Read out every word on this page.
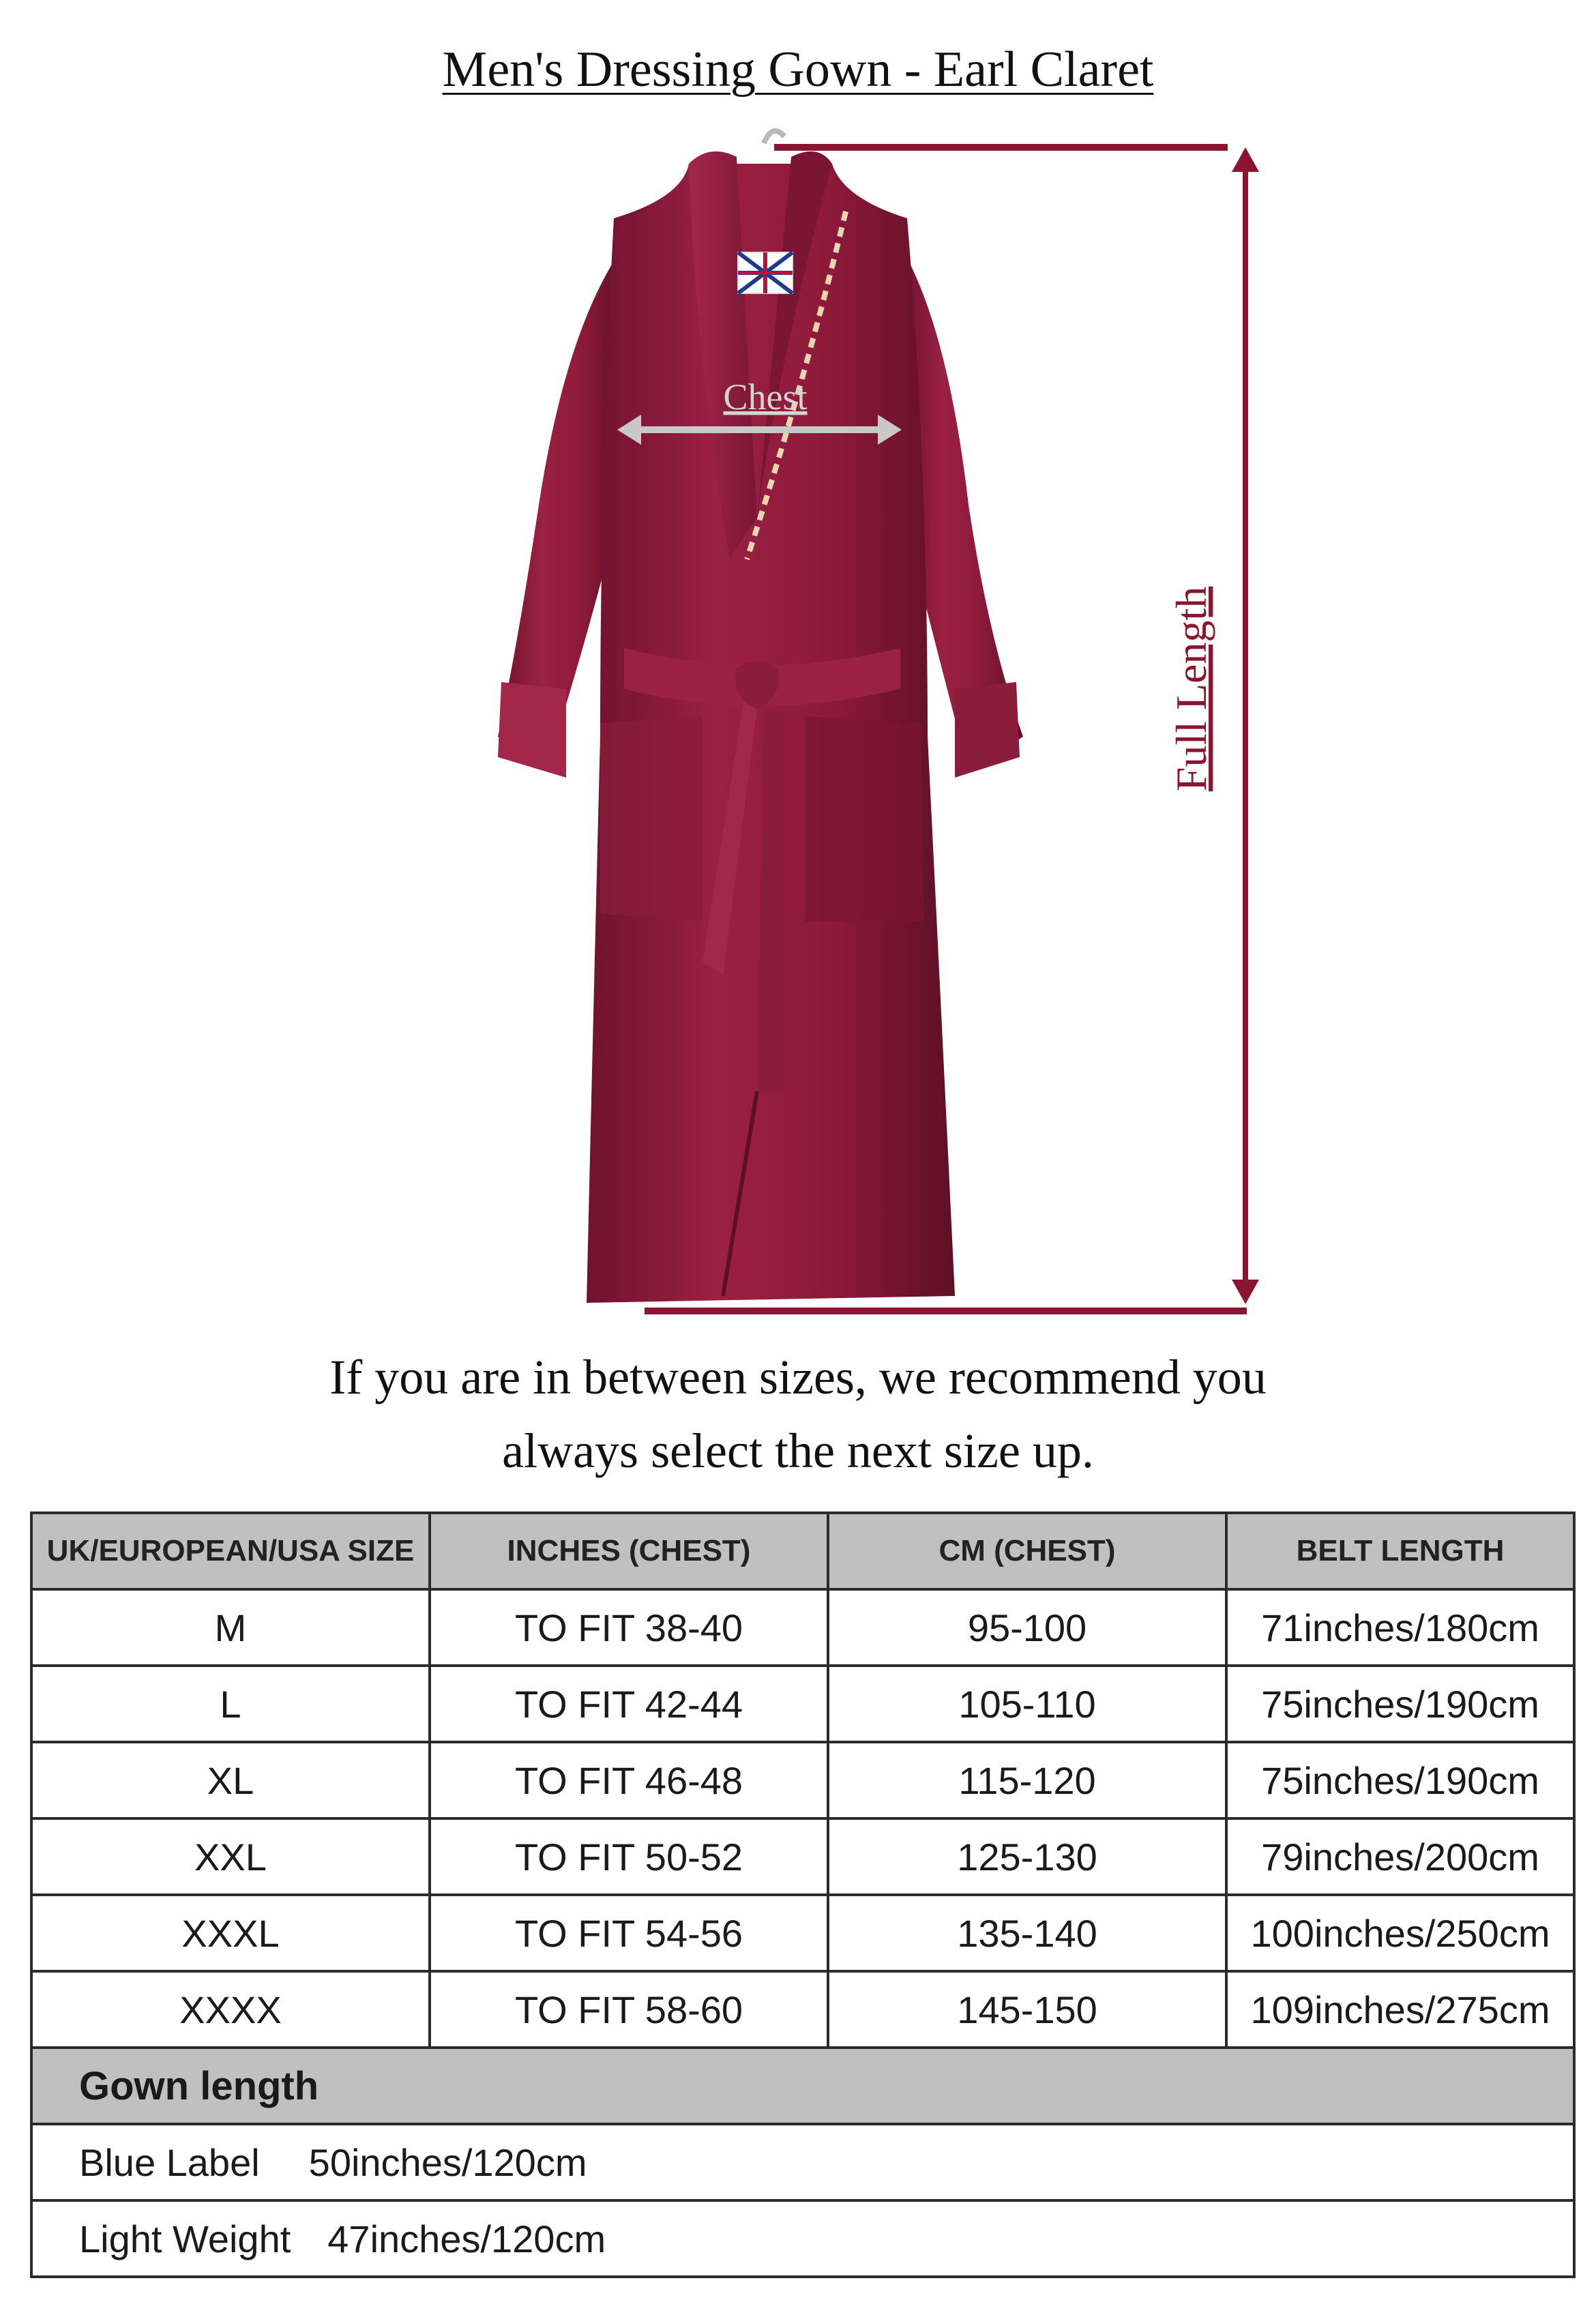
Men's Dressing Gown - Earl Claret
Chest
Full Length
If you are in between sizes, we recommend you
always select the next size up.
UK/EUROPEAN/USA SIZE	INCHES (CHEST)	CM (CHEST)	BELT LENGTH
M	TO FIT 38-40	95-100	71inches/180cm
L	TO FIT 42-44	105-110	75inches/190cm
XL	TO FIT 46-48	115-120	75inches/190cm
XXL	TO FIT 50-52	125-130	79inches/200cm
XXXL	TO FIT 54-56	135-140	100inches/250cm
XXXX	TO FIT 58-60	145-150	109inches/275cm
Gown length			
Blue Label 50inches/120cm			
Light Weight 47inches/120cm			
